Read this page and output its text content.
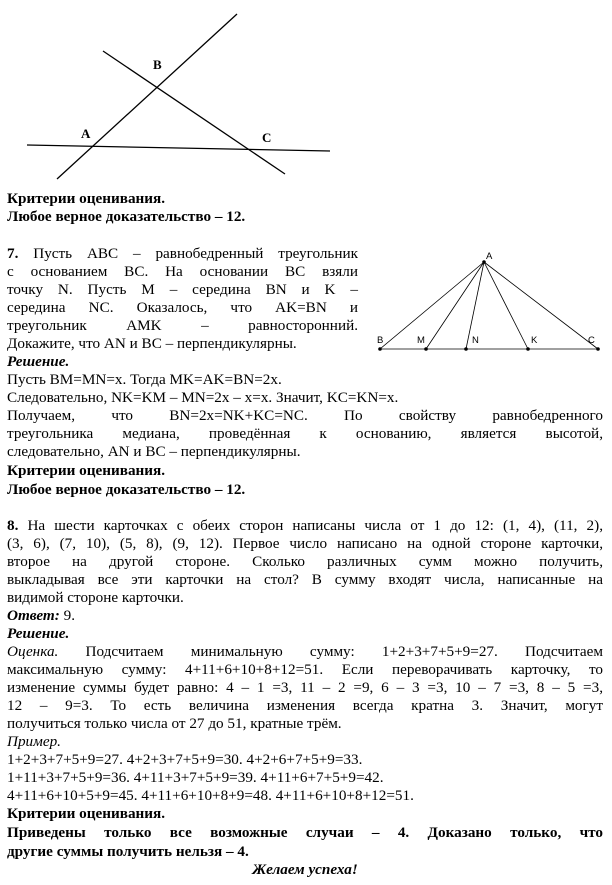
B
A	C
Критерии оценивания.
Любое верное доказательство – 12.
7. Пусть ABC – равнобедренный треугольник
с основанием BC. На основании BC взяли
точку N. Пусть M – середина BN и K –
середина NC. Оказалось, что AK=BN и
треугольник AMK – равносторонний.
Докажите, что AN и BC – перпендикулярны.
A
B	M	N	K	C
Решение.
Пусть BM=MN=x. Тогда MK=AK=BN=2x.
Следовательно, NK=KM – MN=2x – x=x. Значит, KC=KN=x.
Получаем, что BN=2x=NK+KC=NC. По свойству равнобедренного
треугольника медиана, проведённая к основанию, является высотой,
следовательно, AN и BC – перпендикулярны.
Критерии оценивания.
Любое верное доказательство – 12.
8. На шести карточках с обеих сторон написаны числа от 1 до 12: (1, 4), (11, 2),
(3, 6), (7, 10), (5, 8), (9, 12). Первое число написано на одной стороне карточки,
второе на другой стороне. Сколько различных сумм можно получить,
выкладывая все эти карточки на стол? В сумму входят числа, написанные на
видимой стороне карточки.
Ответ: 9.
Решение.
Оценка. Подсчитаем минимальную сумму: 1+2+3+7+5+9=27. Подсчитаем
максимальную сумму: 4+11+6+10+8+12=51. Если переворачивать карточку, то
изменение суммы будет равно: 4 – 1 =3, 11 – 2 =9, 6 – 3 =3, 10 – 7 =3, 8 – 5 =3,
12 – 9=3. То есть величина изменения всегда кратна 3. Значит, могут
получиться только числа от 27 до 51, кратные трём.
Пример.
1+2+3+7+5+9=27. 4+2+3+7+5+9=30. 4+2+6+7+5+9=33.
1+11+3+7+5+9=36. 4+11+3+7+5+9=39. 4+11+6+7+5+9=42.
4+11+6+10+5+9=45. 4+11+6+10+8+9=48. 4+11+6+10+8+12=51.
Критерии оценивания.
Приведены только все возможные случаи – 4. Доказано только, что
другие суммы получить нельзя – 4.
Желаем успеха!
